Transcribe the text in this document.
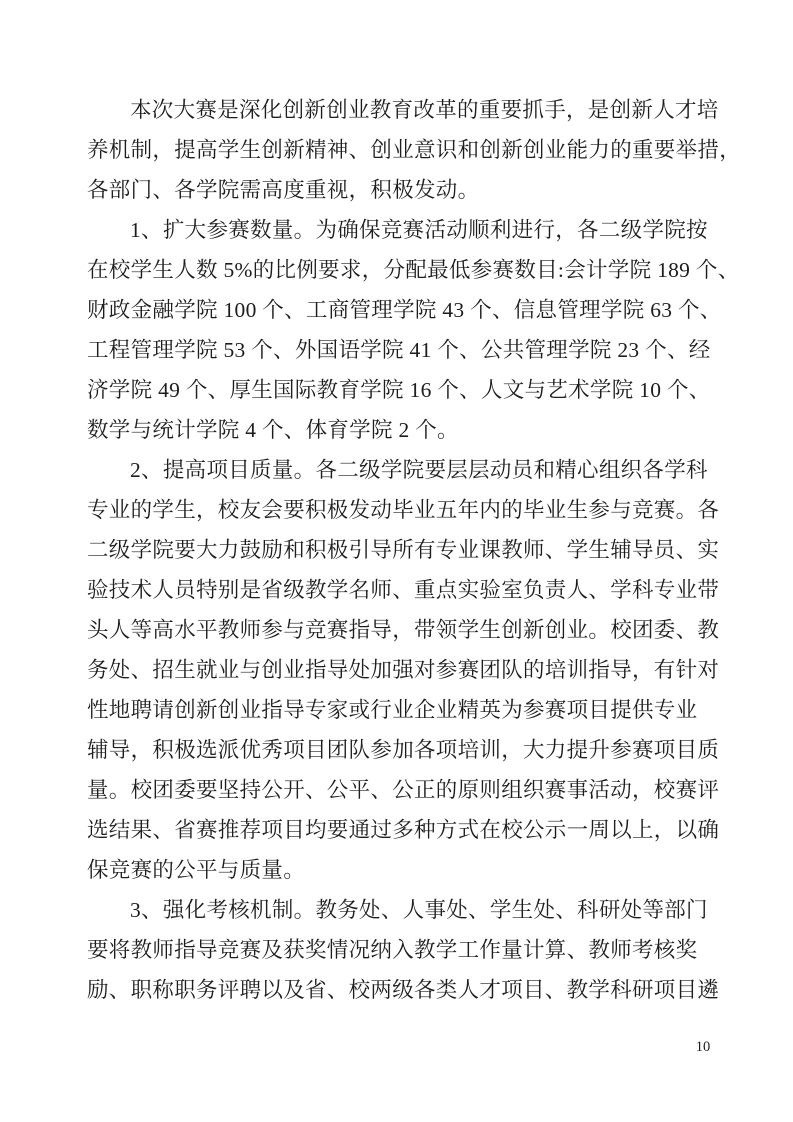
本次大赛是深化创新创业教育改革的重要抓手，是创新人才培
养机制，提高学生创新精神、创业意识和创新创业能力的重要举措，
各部门、各学院需高度重视，积极发动。
1、扩大参赛数量。为确保竞赛活动顺利进行，各二级学院按
在校学生人数 5%的比例要求，分配最低参赛数目:会计学院 189 个、
财政金融学院 100 个、工商管理学院 43 个、信息管理学院 63 个、
工程管理学院 53 个、外国语学院 41 个、公共管理学院 23 个、经
济学院 49 个、厚生国际教育学院 16 个、人文与艺术学院 10 个、
数学与统计学院 4 个、体育学院 2 个。
2、提高项目质量。各二级学院要层层动员和精心组织各学科
专业的学生，校友会要积极发动毕业五年内的毕业生参与竞赛。各
二级学院要大力鼓励和积极引导所有专业课教师、学生辅导员、实
验技术人员特别是省级教学名师、重点实验室负责人、学科专业带
头人等高水平教师参与竞赛指导，带领学生创新创业。校团委、教
务处、招生就业与创业指导处加强对参赛团队的培训指导，有针对
性地聘请创新创业指导专家或行业企业精英为参赛项目提供专业
辅导，积极选派优秀项目团队参加各项培训，大力提升参赛项目质
量。校团委要坚持公开、公平、公正的原则组织赛事活动，校赛评
选结果、省赛推荐项目均要通过多种方式在校公示一周以上，以确
保竞赛的公平与质量。
3、强化考核机制。教务处、人事处、学生处、科研处等部门
要将教师指导竞赛及获奖情况纳入教学工作量计算、教师考核奖
励、职称职务评聘以及省、校两级各类人才项目、教学科研项目遴
10
